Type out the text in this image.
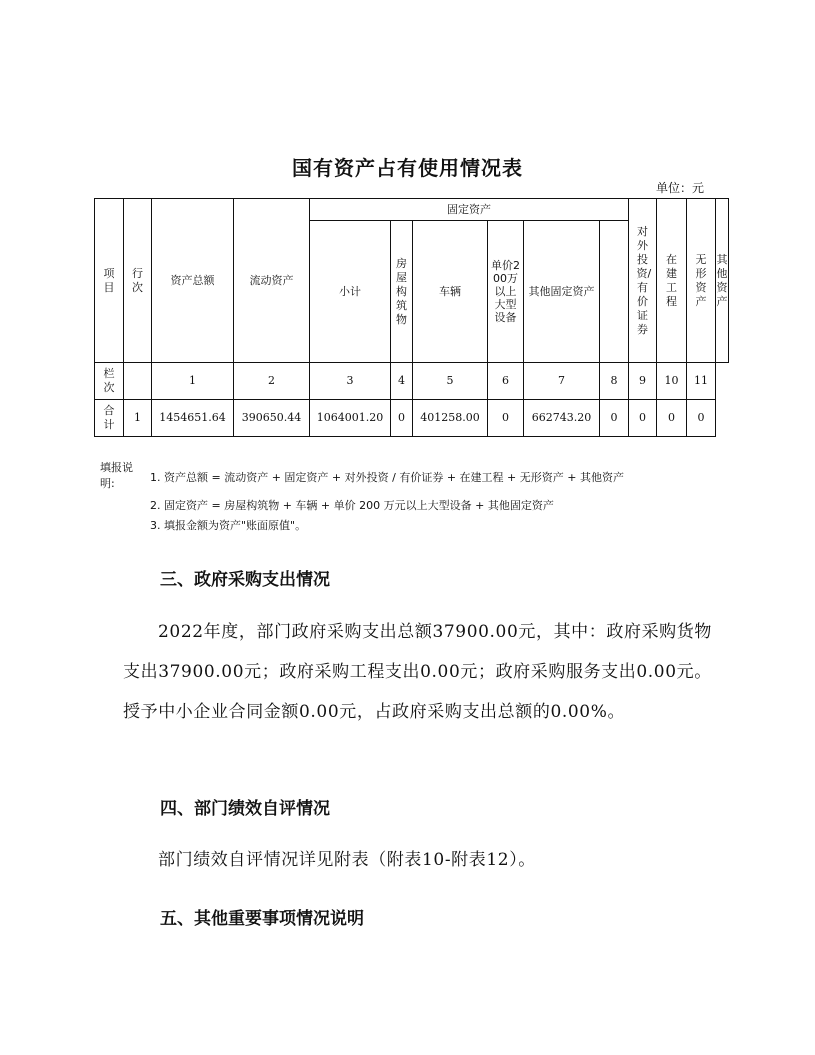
国有资产占有使用情况表
单位：元
项目	行次	资产总额	流动资产	固定资产						对外投资/有价证券	在建工程	无形资产	其他资产
				小计	房屋构筑物	车辆	单价200万以上大型设备	其他固定资产					
栏次		1	2	3	4	5	6	7	8	9	10	11	
合计	1	1454651.64	390650.44	1064001.20	0	401258.00	0	662743.20	0	0	0	0	
填报说明:	1. 资产总额 = 流动资产 + 固定资产 + 对外投资 / 有价证券 + 在建工程 + 无形资产 + 其他资产
2. 固定资产 = 房屋构筑物 + 车辆 + 单价 200 万元以上大型设备 + 其他固定资产
3. 填报金额为资产"账面原值"。
三、政府采购支出情况

2022年度，部门政府采购支出总额37900.00元，其中：政府采购货物支出37900.00元；政府采购工程支出0.00元；政府采购服务支出0.00元。授予中小企业合同金额0.00元，占政府采购支出总额的0.00%。

四、部门绩效自评情况

部门绩效自评情况详见附表（附表10-附表12）。

五、其他重要事项情况说明
